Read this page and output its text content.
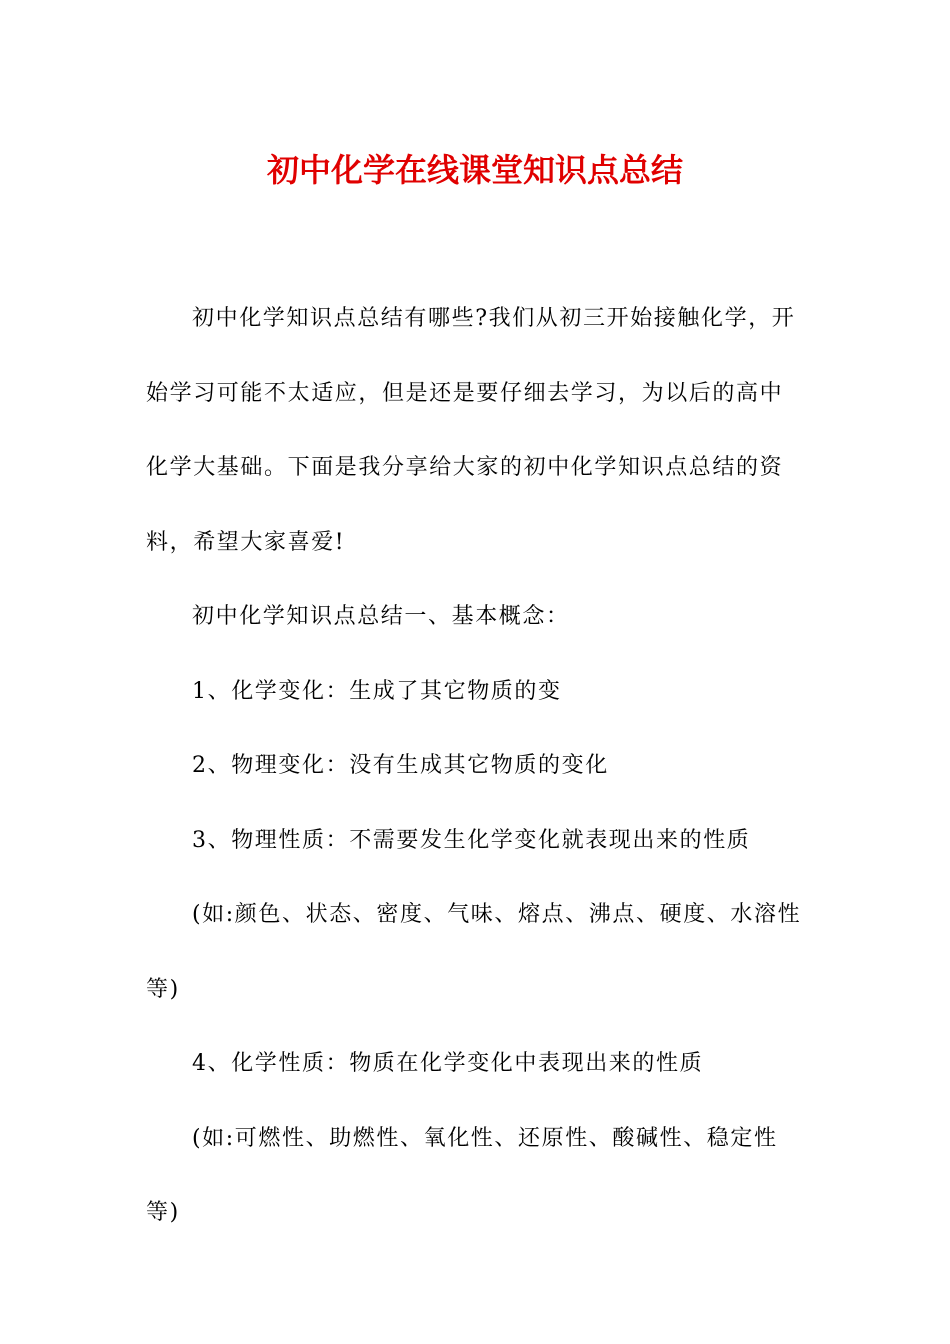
初中化学在线课堂知识点总结

初中化学知识点总结有哪些?我们从初三开始接触化学，开始学习可能不太适应，但是还是要仔细去学习，为以后的高中化学大基础。下面是我分享给大家的初中化学知识点总结的资料，希望大家喜爱!

初中化学知识点总结一、基本概念：

1、化学变化：生成了其它物质的变

2、物理变化：没有生成其它物质的变化

3、物理性质：不需要发生化学变化就表现出来的性质

(如:颜色、状态、密度、气味、熔点、沸点、硬度、水溶性等)

4、化学性质：物质在化学变化中表现出来的性质

(如:可燃性、助燃性、氧化性、还原性、酸碱性、稳定性等)
